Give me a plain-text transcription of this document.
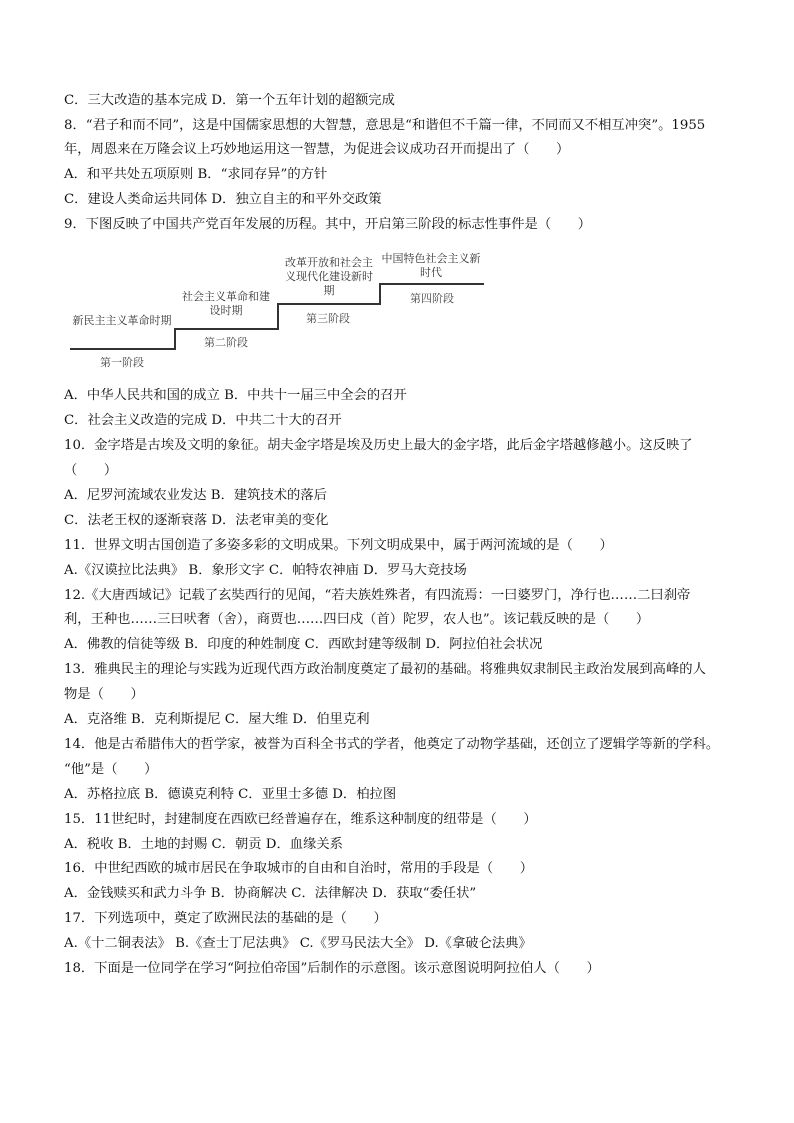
C．三大改造的基本完成 D．第一个五年计划的超额完成
8．“君子和而不同”，这是中国儒家思想的大智慧，意思是“和谐但不千篇一律，不同而又不相互冲突”。1955
年，周恩来在万隆会议上巧妙地运用这一智慧，为促进会议成功召开而提出了（　　）
A．和平共处五项原则 B．“求同存异”的方针
C．建设人类命运共同体 D．独立自主的和平外交政策
9．下图反映了中国共产党百年发展的历程。其中，开启第三阶段的标志性事件是（　　）
新民主主义革命时期
第一阶段
社会主义革命和建设时期
第二阶段
改革开放和社会主义现代化建设新时期
第三阶段
中国特色社会主义新时代
第四阶段
A．中华人民共和国的成立 B．中共十一届三中全会的召开
C．社会主义改造的完成 D．中共二十大的召开
10．金字塔是古埃及文明的象征。胡夫金字塔是埃及历史上最大的金字塔，此后金字塔越修越小。这反映了
（　　）
A．尼罗河流域农业发达 B．建筑技术的落后
C．法老王权的逐渐衰落 D．法老审美的变化
11．世界文明古国创造了多姿多彩的文明成果。下列文明成果中，属于两河流域的是（　　）
A.《汉谟拉比法典》 B．象形文字 C．帕特农神庙 D．罗马大竞技场
12.《大唐西域记》记载了玄奘西行的见闻，“若夫族姓殊者，有四流焉：一曰婆罗门，净行也……二曰刹帝
利，王种也……三曰吠奢（舍），商贾也……四曰戍（首）陀罗，农人也”。该记载反映的是（　　）
A．佛教的信徒等级 B．印度的种姓制度 C．西欧封建等级制 D．阿拉伯社会状况
13．雅典民主的理论与实践为近现代西方政治制度奠定了最初的基础。将雅典奴隶制民主政治发展到高峰的人
物是（　　）
A．克洛维 B．克利斯提尼 C．屋大维 D．伯里克利
14．他是古希腊伟大的哲学家，被誉为百科全书式的学者，他奠定了动物学基础，还创立了逻辑学等新的学科。
“他”是（　　）
A．苏格拉底 B．德谟克利特 C．亚里士多德 D．柏拉图
15．11世纪时，封建制度在西欧已经普遍存在，维系这种制度的纽带是（　　）
A．税收 B．土地的封赐 C．朝贡 D．血缘关系
16．中世纪西欧的城市居民在争取城市的自由和自治时，常用的手段是（　　）
A．金钱赎买和武力斗争 B．协商解决 C．法律解决 D．获取“委任状”
17．下列选项中，奠定了欧洲民法的基础的是（　　）
A.《十二铜表法》 B.《查士丁尼法典》 C.《罗马民法大全》 D.《拿破仑法典》
18．下面是一位同学在学习“阿拉伯帝国”后制作的示意图。该示意图说明阿拉伯人（　　）
